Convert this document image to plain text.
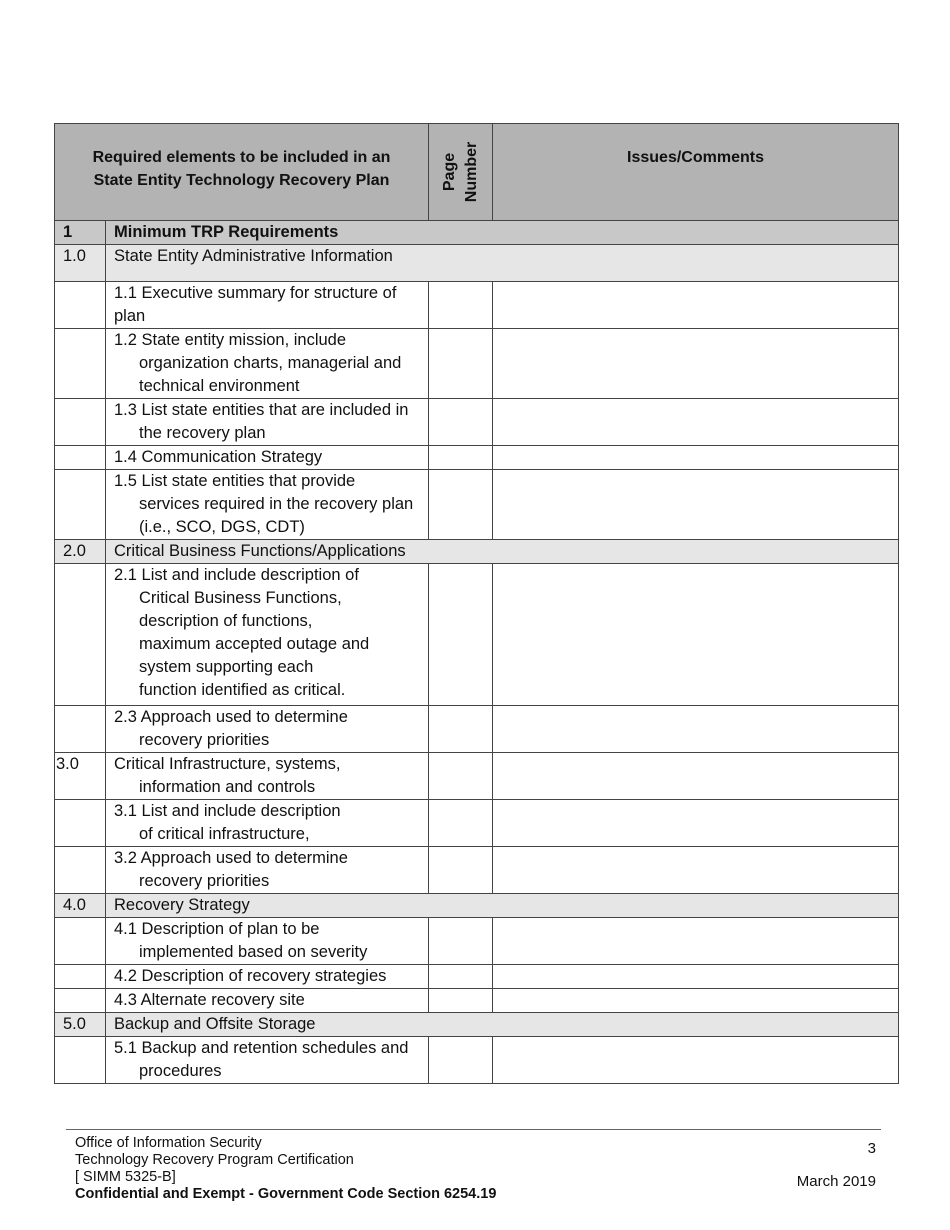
Required elements to be included in an State Entity Technology Recovery Plan		Page Number	Issues/Comments

1	Minimum TRP Requirements		
1.0	State Entity Administrative Information		

	1.1 Executive summary for structure of
plan		

	1.2 State entity mission, include
organization charts, managerial and technical environment		

	1.3 List state entities that are included in
the recovery plan		

	1.4 Communication Strategy		

	1.5 List state entities that provide
services required in the recovery plan (i.e., SCO, DGS, CDT)		

2.0	Critical Business Functions/Applications		

	2.1 List and include description of
Critical Business Functions, description of functions, maximum accepted outage and system supporting each function identified as critical.		

	2.3 Approach used to determine
recovery priorities		

3.0	Critical Infrastructure, systems,
information and controls		

	3.1 List and include description
of critical infrastructure,		

	3.2 Approach used to determine
recovery priorities		

4.0	Recovery Strategy		

	4.1 Description of plan to be
implemented based on severity		

	4.2 Description of recovery strategies		

	4.3 Alternate recovery site		

5.0	Backup and Offsite Storage		

	5.1 Backup and retention schedules and
procedures		

Office of Information Security
Technology Recovery Program Certification
[ SIMM 5325-B]
Confidential and Exempt - Government Code Section 6254.19
3
March 2019
